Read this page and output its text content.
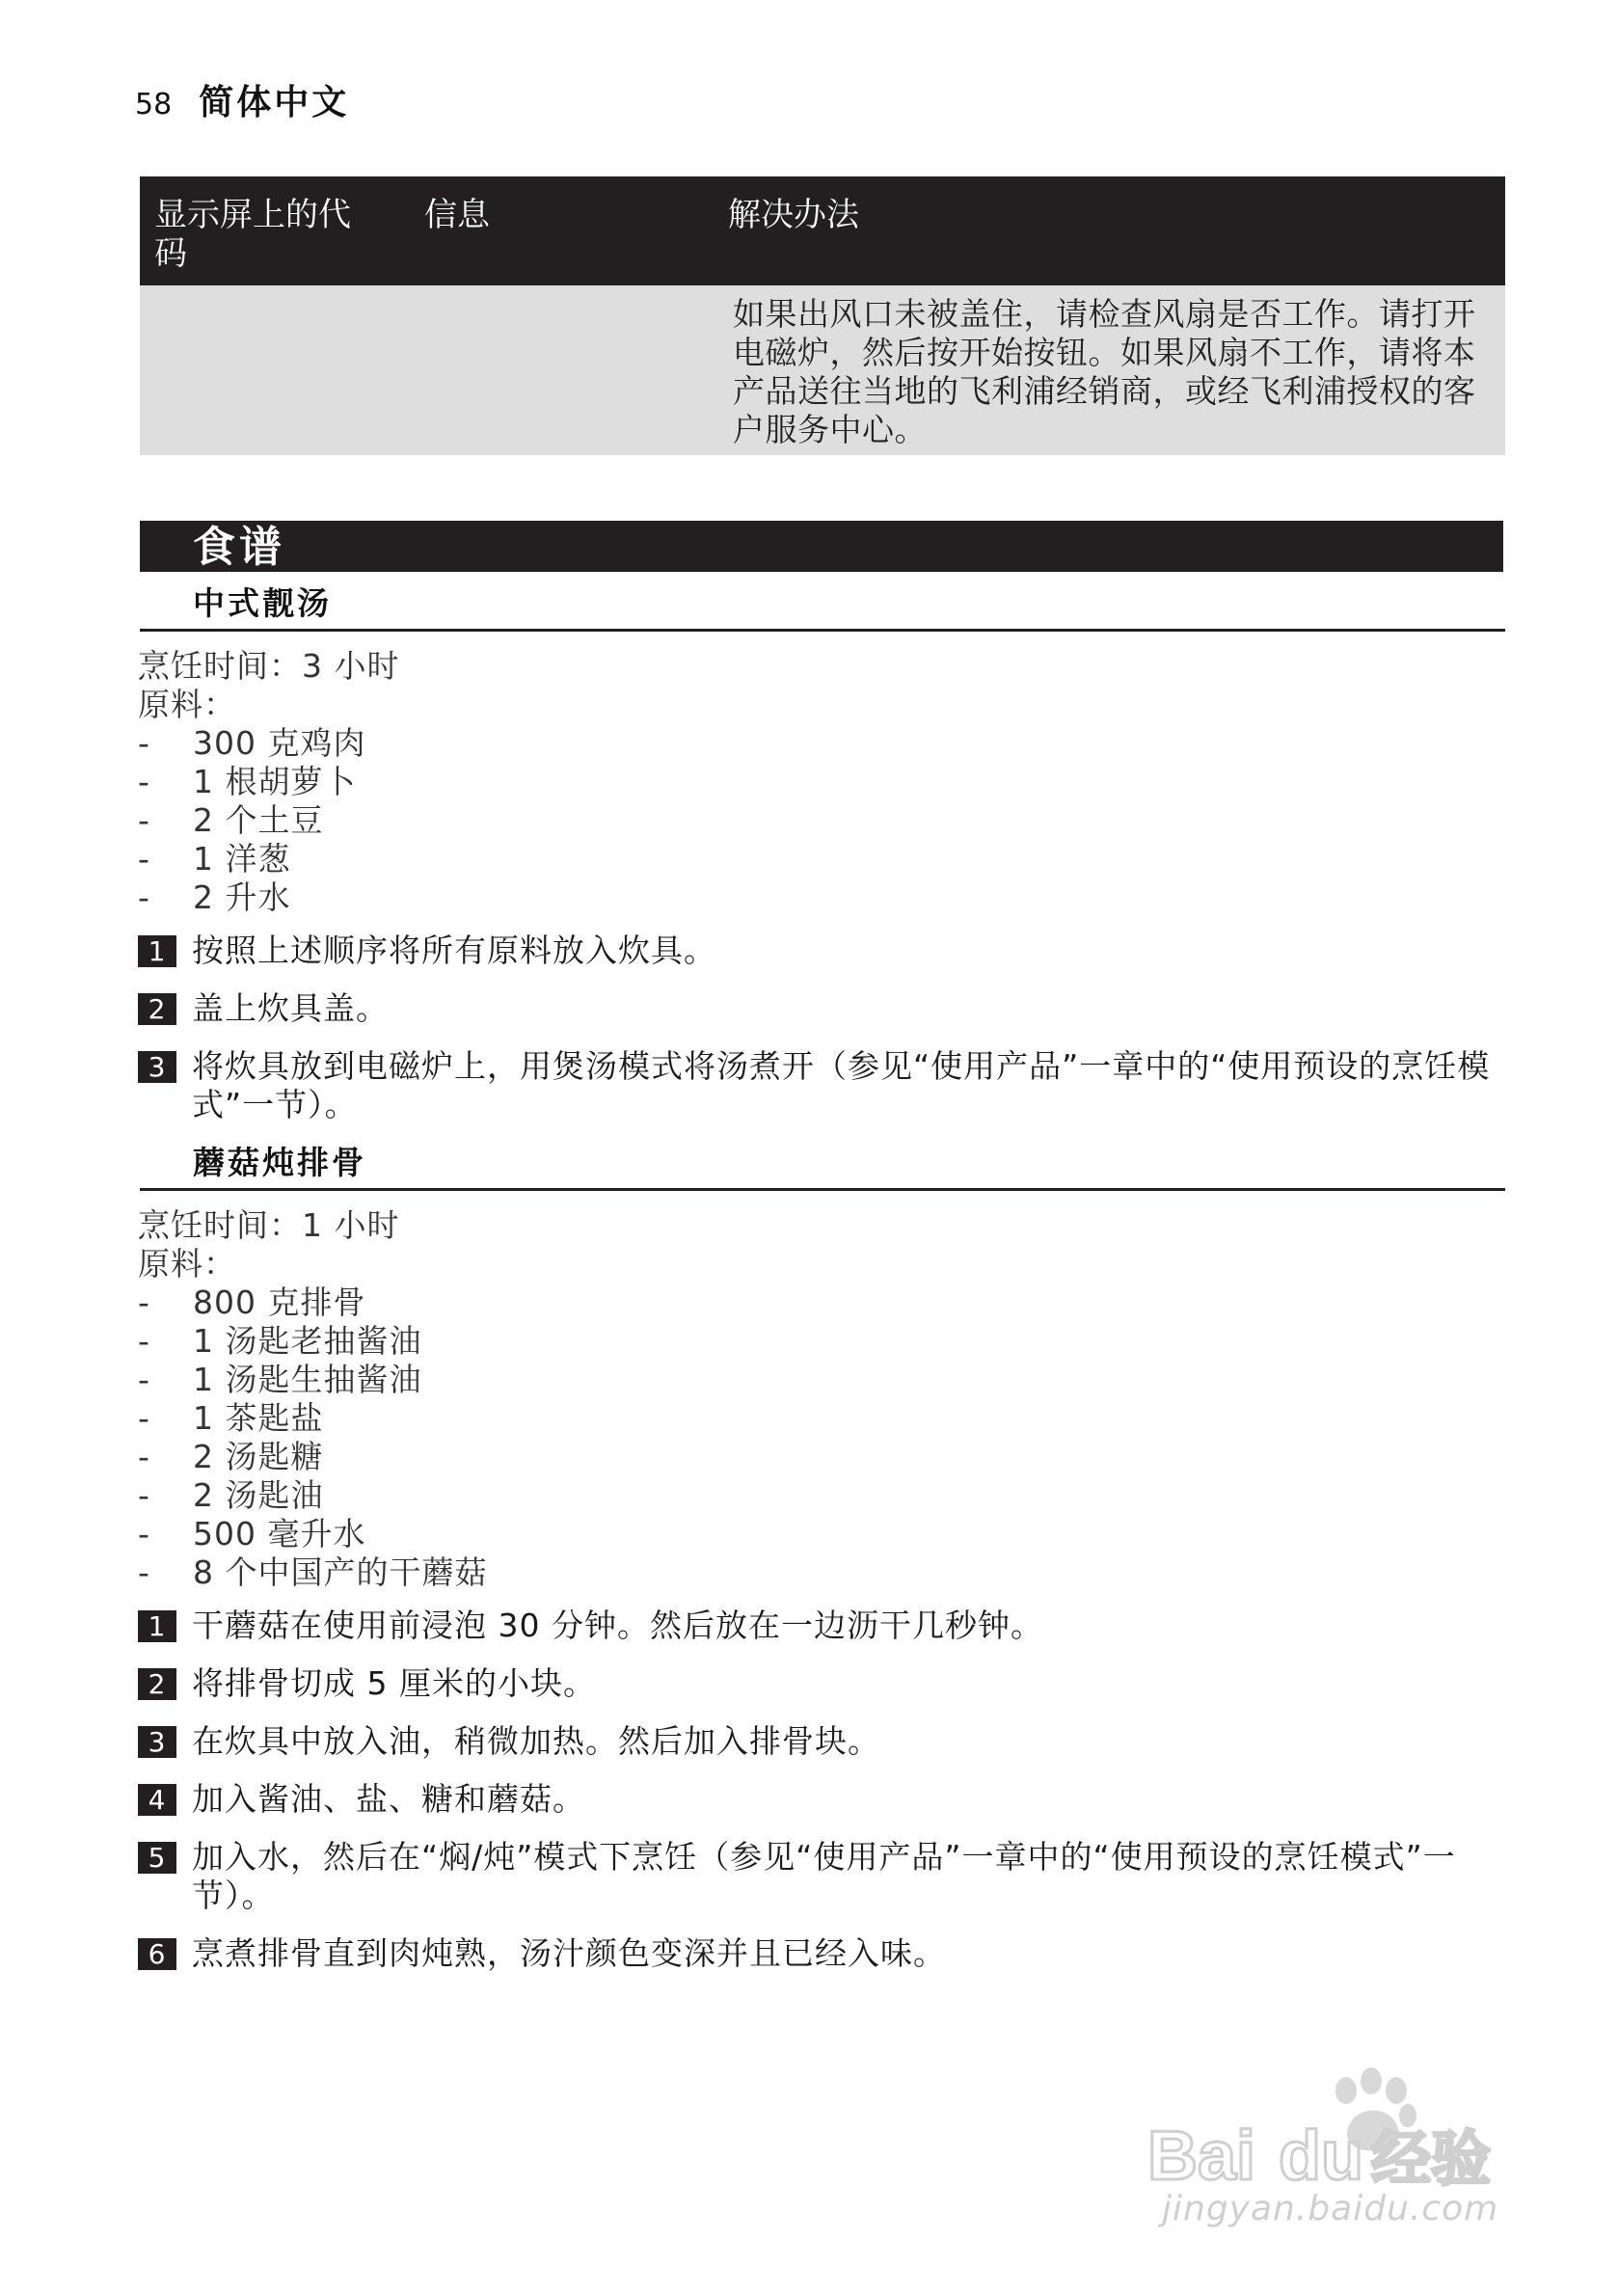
58 简体中文
显示屏上的代码
信息	解决办法
如果出风口未被盖住，请检查风扇是否工作。请打开电磁炉，然后按开始按钮。如果风扇不工作，请将本产品送往当地的飞利浦经销商，或经飞利浦授权的客户服务中心。
食谱
中式靓汤
烹饪时间：3 小时
原料：
- 300 克鸡肉
- 1 根胡萝卜
- 2 个土豆
- 1 洋葱
- 2 升水
1 按照上述顺序将所有原料放入炊具。
2 盖上炊具盖。
3 将炊具放到电磁炉上，用煲汤模式将汤煮开（参见“使用产品”一章中的“使用预设的烹饪模式”一节）。
蘑菇炖排骨
烹饪时间：1 小时
原料：
- 800 克排骨
- 1 汤匙老抽酱油
- 1 汤匙生抽酱油
- 1 茶匙盐
- 2 汤匙糖
- 2 汤匙油
- 500 毫升水
- 8 个中国产的干蘑菇
1 干蘑菇在使用前浸泡 30 分钟。然后放在一边沥干几秒钟。
2 将排骨切成 5 厘米的小块。
3 在炊具中放入油，稍微加热。然后加入排骨块。
4 加入酱油、盐、糖和蘑菇。
5 加入水，然后在“焖/炖”模式下烹饪（参见“使用产品”一章中的“使用预设的烹饪模式”一节）。
6 烹煮排骨直到肉炖熟，汤汁颜色变深并且已经入味。
Bai du 经验
jingyan.baidu.com
